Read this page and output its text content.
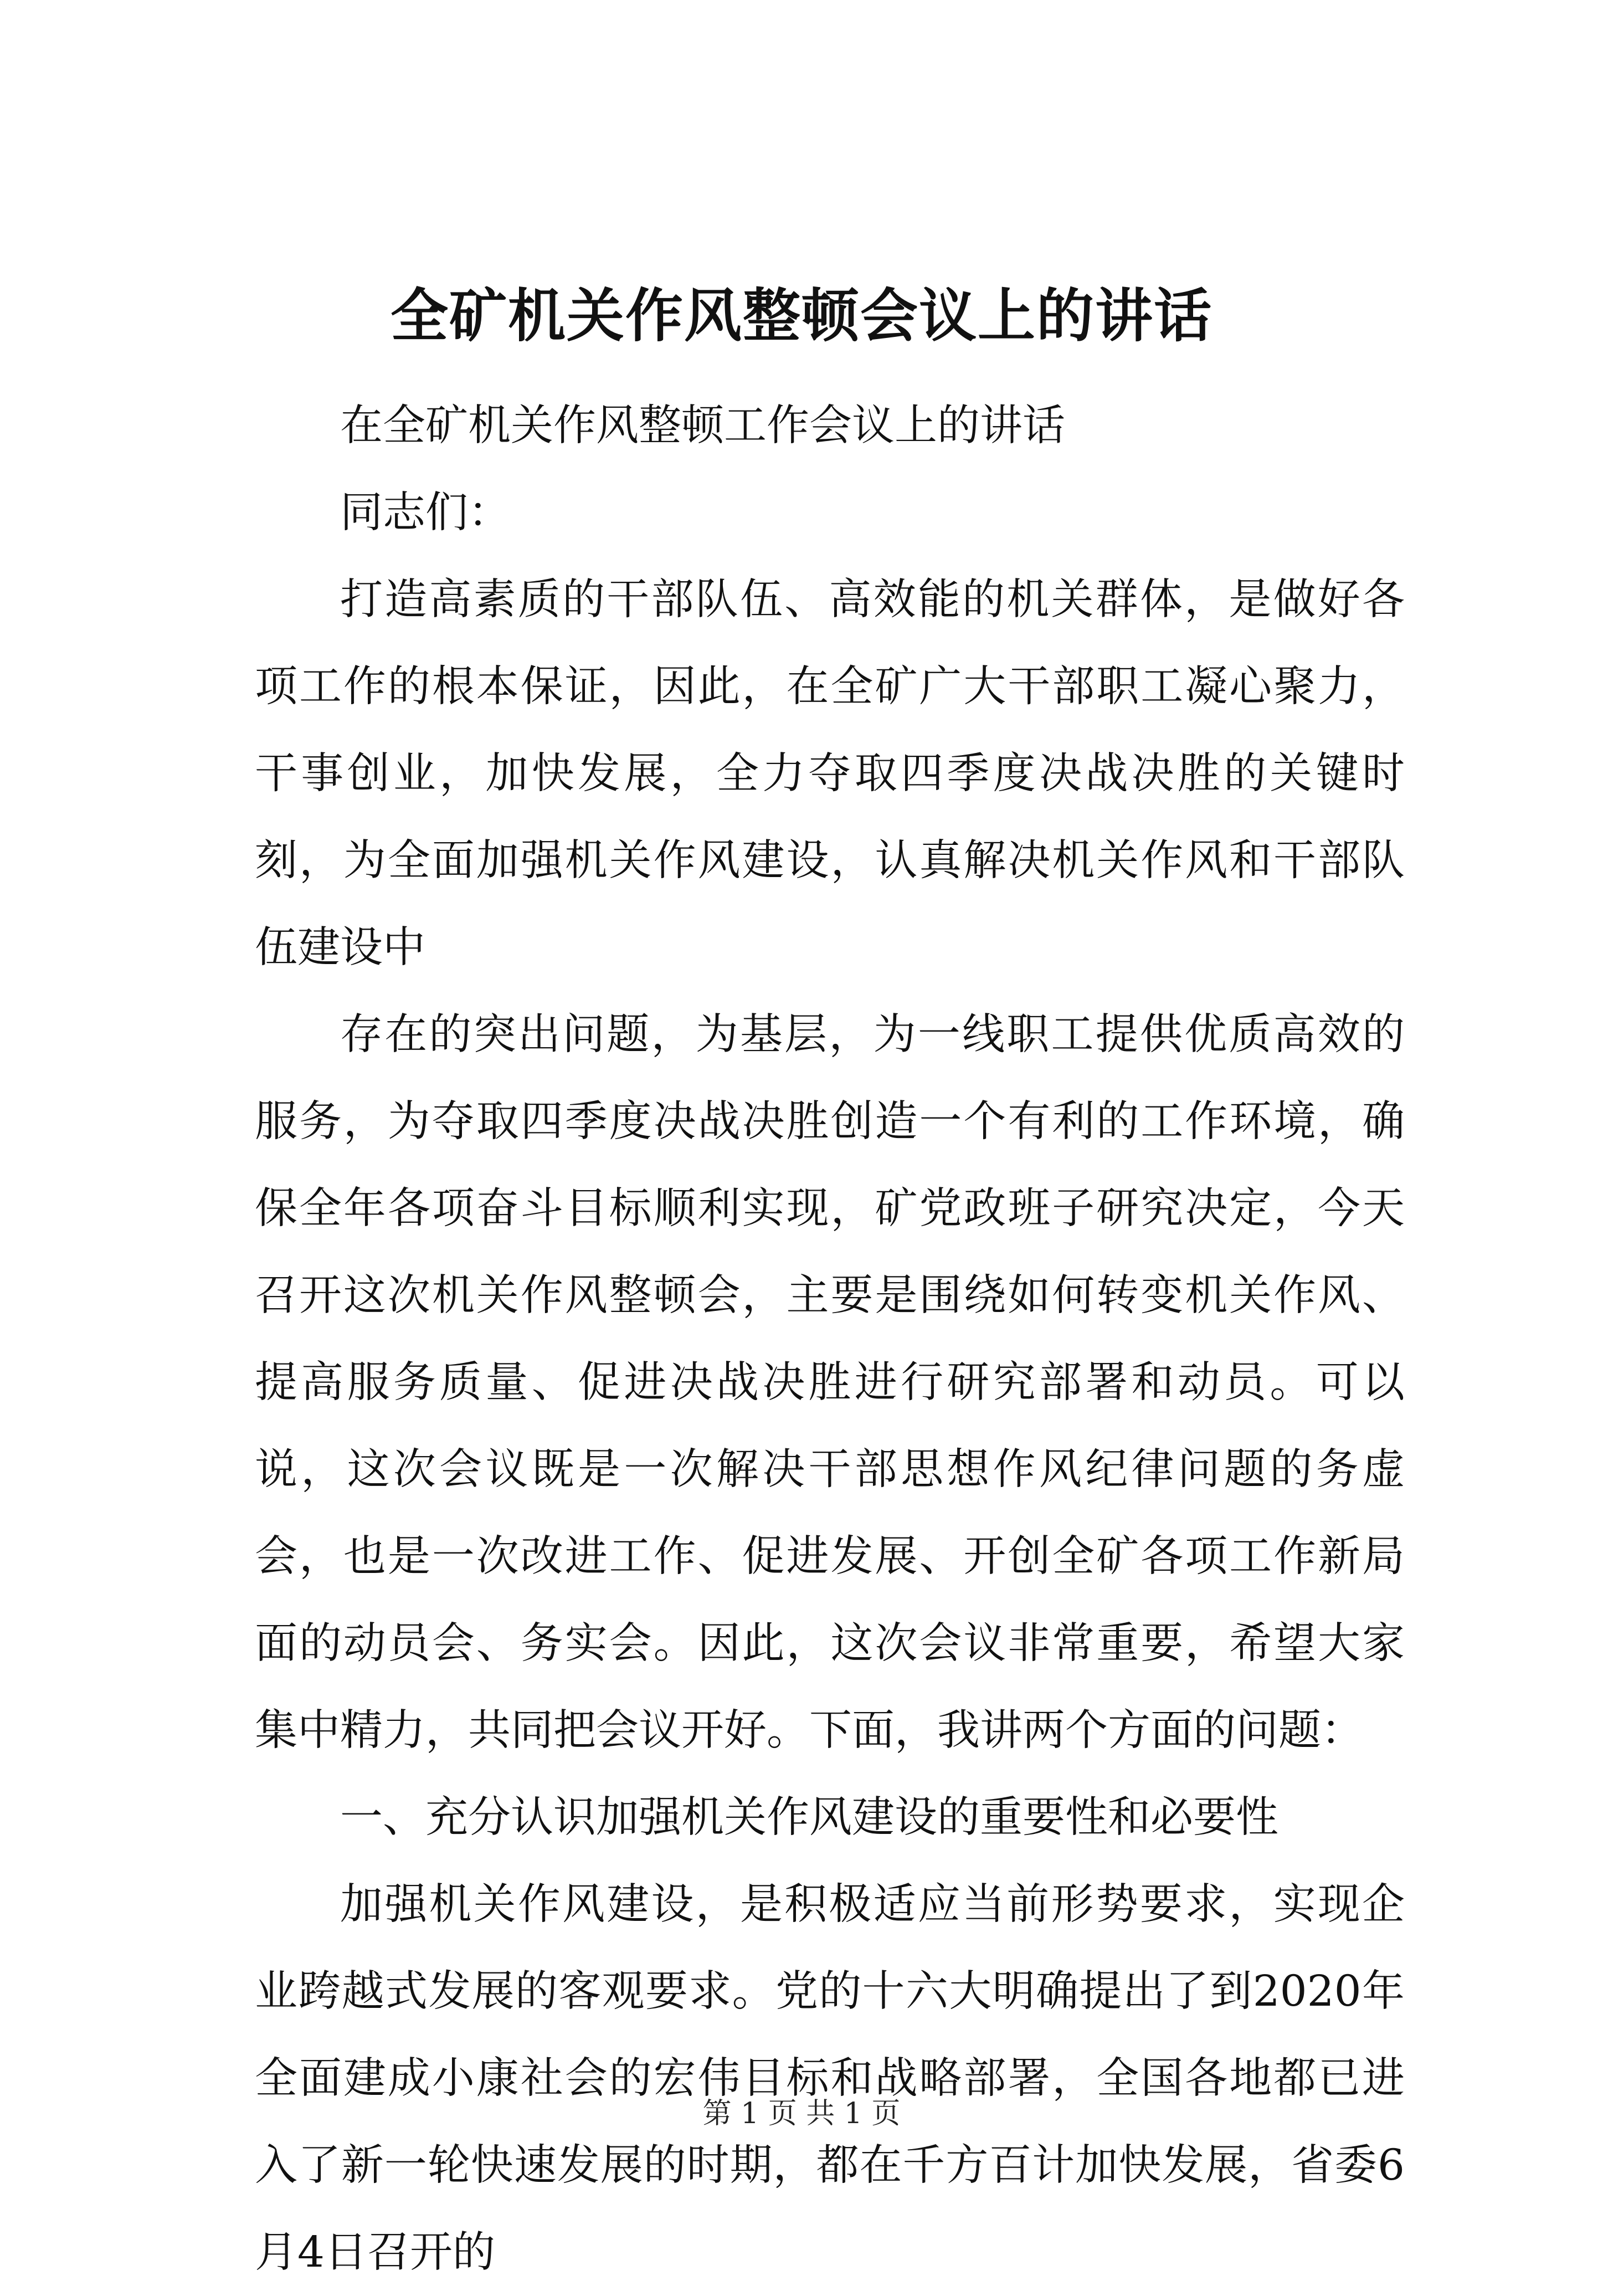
全矿机关作风整顿会议上的讲话

在全矿机关作风整顿工作会议上的讲话

同志们：

打造高素质的干部队伍、高效能的机关群体，是做好各项工作的根本保证，因此，在全矿广大干部职工凝心聚力，干事创业，加快发展，全力夺取四季度决战决胜的关键时刻，为全面加强机关作风建设，认真解决机关作风和干部队伍建设中

存在的突出问题，为基层，为一线职工提供优质高效的服务，为夺取四季度决战决胜创造一个有利的工作环境，确保全年各项奋斗目标顺利实现，矿党政班子研究决定，今天召开这次机关作风整顿会，主要是围绕如何转变机关作风、提高服务质量、促进决战决胜进行研究部署和动员。可以说，这次会议既是一次解决干部思想作风纪律问题的务虚会，也是一次改进工作、促进发展、开创全矿各项工作新局面的动员会、务实会。因此，这次会议非常重要，希望大家集中精力，共同把会议开好。下面，我讲两个方面的问题：

一、充分认识加强机关作风建设的重要性和必要性

加强机关作风建设，是积极适应当前形势要求，实现企业跨越式发展的客观要求。党的十六大明确提出了到2020年全面建成小康社会的宏伟目标和战略部署，全国各地都已进入了新一轮快速发展的时期，都在千方百计加快发展，省委6月4日召开的

第 1 页 共 1 页
